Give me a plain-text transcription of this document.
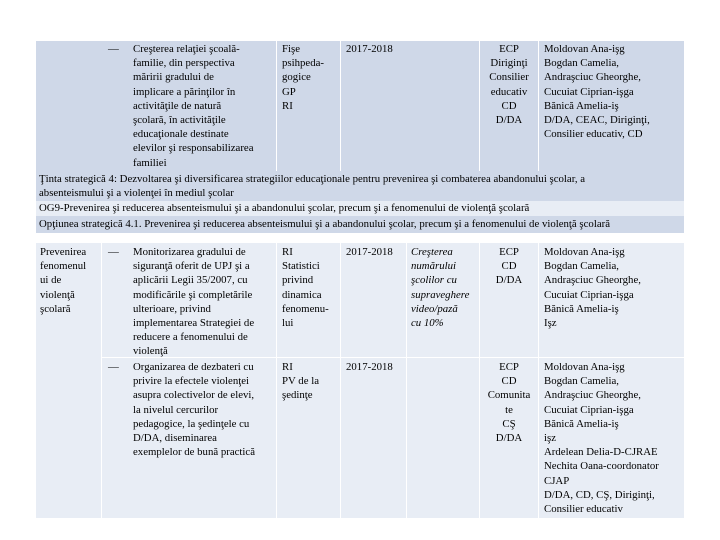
— Creşterea relaţiei şcoală-
familie, din perspectiva
măririi gradului de
implicare a părinţilor în
activităţile de natură
şcolară, în activităţile
educaţionale destinate
elevilor şi responsabilizarea
familiei
Fişe
psihpeda-
gogice
GP
RI
2017-2018	ECP
Diriginţi
Consilier
educativ
CD
D/DA
Moldovan Ana-işg
Bogdan Camelia,
Andraşciuc Gheorghe,
Cucuiat Ciprian-işga
Bănică Amelia-iş
D/DA, CEAC, Diriginţi,
Consilier educativ, CD
Ţinta strategică 4: Dezvoltarea şi diversificarea strategiilor educaţionale pentru prevenirea şi combaterea abandonului şcolar, a
absenteismului şi a violenţei în mediul şcolar
OG9-Prevenirea şi reducerea absenteismului şi a abandonului şcolar, precum şi a fenomenului de violenţă şcolară
Opţiunea strategică 4.1. Prevenirea şi reducerea absenteismului şi a abandonului şcolar, precum şi a fenomenului de violenţă şcolară
Prevenirea
fenomenul
ui de
violenţă
şcolară
— Monitorizarea gradului de
siguranţă oferit de UPJ şi a
aplicării Legii 35/2007, cu
modificările şi completările
ulterioare, privind
implementarea Strategiei de
reducere a fenomenului de
violenţă
RI
Statistici
privind
dinamica
fenomenu-
lui
2017-2018 Creşterea
numărului
şcolilor cu
supraveghere
video/pază
cu 10%
ECP
CD
D/DA
Moldovan Ana-işg
Bogdan Camelia,
Andraşciuc Gheorghe,
Cucuiat Ciprian-işga
Bănică Amelia-iş
Işz
— Organizarea de dezbateri cu
privire la efectele violenţei
asupra colectivelor de elevi,
la nivelul cercurilor
pedagogice, la şedinţele cu
D/DA, diseminarea
exemplelor de bună practică
RI
PV de la
şedinţe
2017-2018	ECP
CD
Comunita
te
CŞ
D/DA
Moldovan Ana-işg
Bogdan Camelia,
Andraşciuc Gheorghe,
Cucuiat Ciprian-işga
Bănică Amelia-iş
işz
Ardelean Delia-D-CJRAE
Nechita Oana-coordonator
CJAP
D/DA, CD, CŞ, Diriginţi,
Consilier educativ
